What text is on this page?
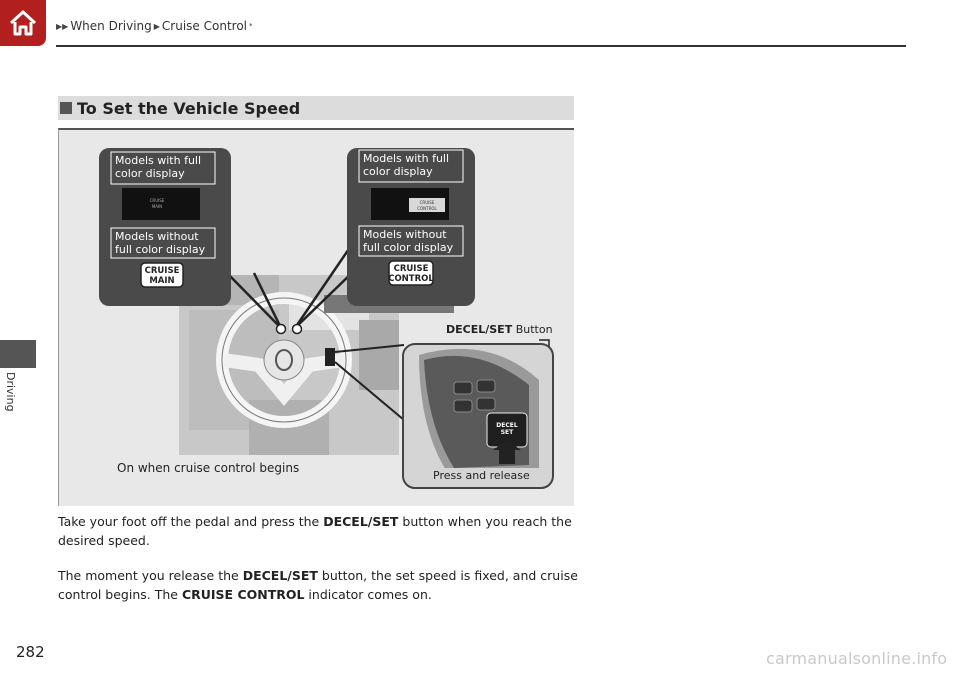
▶▶ When Driving ▶ Cruise Control *
Driving
282
To Set the Vehicle Speed
Models with full
color display
CRUISE
MAIN
Models without
full color display
CRUISE
MAIN
Models with full
color display
CRUISE
CONTROL
Models without
full color display
CRUISE
CONTROL
DECEL/SET Button
DECEL
SET
Press and release
On when cruise control begins

Take your foot off the pedal and press the DECEL/SET button when you reach the desired speed.

The moment you release the DECEL/SET button, the set speed is fixed, and cruise control begins. The CRUISE CONTROL indicator comes on.

carmanualsonline.info
